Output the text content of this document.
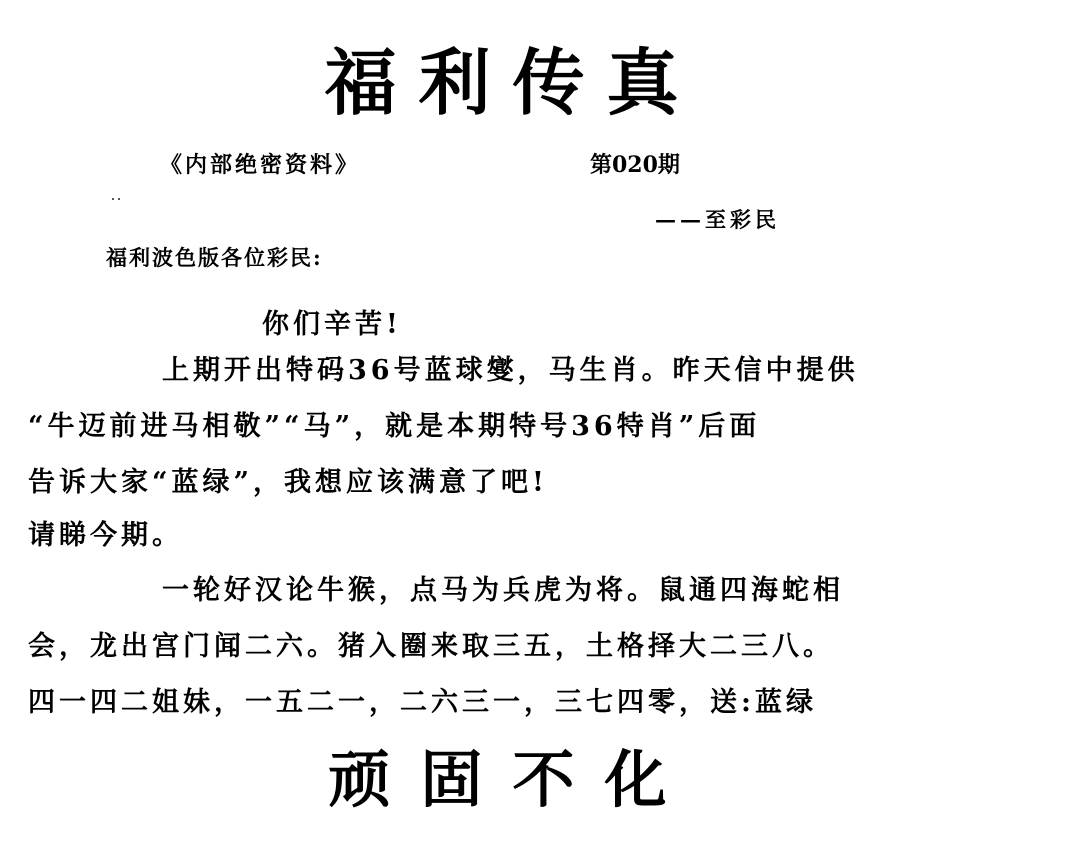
福利传真
《内部绝密资料》	第020期
——至彩民
福利波色版各位彩民:
你们辛苦!
上期开出特码36号蓝球燮，马生肖。昨天信中提供
“牛迈前进马相敬”“马”，就是本期特号36特肖”后面
告诉大家“蓝绿”，我想应该满意了吧!
请睇今期。
一轮好汉论牛猴，点马为兵虎为将。鼠通四海蛇相
会，龙出宫门闻二六。猪入圈来取三五，土格择大二三八。
四一四二姐妹，一五二一，二六三一，三七四零，送:蓝绿
顽固不化
